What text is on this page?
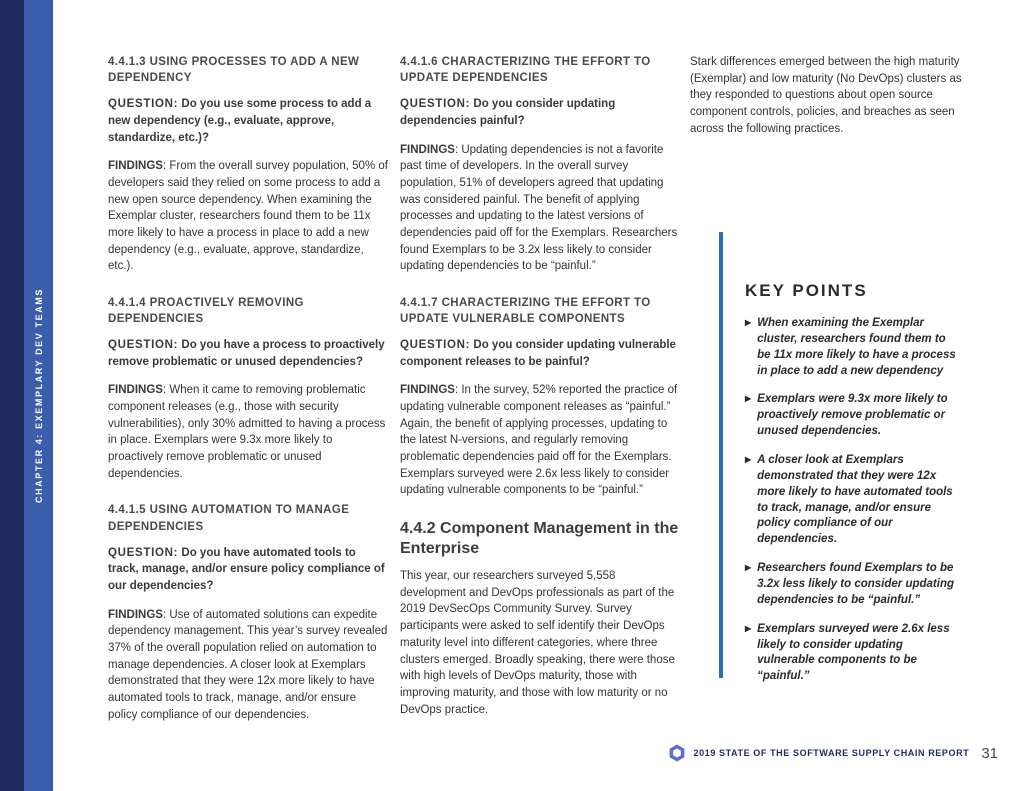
CHAPTER 4: EXEMPLARY DEV TEAMS
4.4.1.3 USING PROCESSES TO ADD A NEW DEPENDENCY

QUESTION: Do you use some process to add a new dependency (e.g., evaluate, approve, standardize, etc.)?

FINDINGS: From the overall survey population, 50% of developers said they relied on some process to add a new open source dependency. When examining the Exemplar cluster, researchers found them to be 11x more likely to have a process in place to add a new dependency (e.g., evaluate, approve, standardize, etc.).

4.4.1.4 PROACTIVELY REMOVING DEPENDENCIES

QUESTION: Do you have a process to proactively remove problematic or unused dependencies?

FINDINGS: When it came to removing problematic component releases (e.g., those with security vulnerabilities), only 30% admitted to having a process in place. Exemplars were 9.3x more likely to proactively remove problematic or unused dependencies.

4.4.1.5 USING AUTOMATION TO MANAGE DEPENDENCIES

QUESTION: Do you have automated tools to track, manage, and/or ensure policy compliance of our dependencies?

FINDINGS: Use of automated solutions can expedite dependency management. This year’s survey revealed 37% of the overall population relied on automation to manage dependencies. A closer look at Exemplars demonstrated that they were 12x more likely to have automated tools to track, manage, and/or ensure policy compliance of our dependencies.

4.4.1.6 CHARACTERIZING THE EFFORT TO UPDATE DEPENDENCIES

QUESTION: Do you consider updating dependencies painful?

FINDINGS: Updating dependencies is not a favorite past time of developers. In the overall survey population, 51% of developers agreed that updating was considered painful. The benefit of applying processes and updating to the latest versions of dependencies paid off for the Exemplars. Researchers found Exemplars to be 3.2x less likely to consider updating dependencies to be “painful.”

4.4.1.7 CHARACTERIZING THE EFFORT TO UPDATE VULNERABLE COMPONENTS

QUESTION: Do you consider updating vulnerable component releases to be painful?

FINDINGS: In the survey, 52% reported the practice of updating vulnerable component releases as “painful.” Again, the benefit of applying processes, updating to the latest N-versions, and regularly removing problematic dependencies paid off for the Exemplars. Exemplars surveyed were 2.6x less likely to consider updating vulnerable components to be “painful.”

4.4.2 Component Management in the Enterprise

This year, our researchers surveyed 5,558 development and DevOps professionals as part of the 2019 DevSecOps Community Survey. Survey participants were asked to self identify their DevOps maturity level into different categories, where three clusters emerged. Broadly speaking, there were those with high levels of DevOps maturity, those with improving maturity, and those with low maturity or no DevOps practice.

Stark differences emerged between the high maturity (Exemplar) and low maturity (No DevOps) clusters as they responded to questions about open source component controls, policies, and breaches as seen across the following practices.

KEY POINTS
▶ When examining the Exemplar cluster, researchers found them to be 11x more likely to have a process in place to add a new dependency
▶ Exemplars were 9.3x more likely to proactively remove problematic or unused dependencies.
▶ A closer look at Exemplars demonstrated that they were 12x more likely to have automated tools to track, manage, and/or ensure policy compliance of our dependencies.
▶ Researchers found Exemplars to be 3.2x less likely to consider updating dependencies to be “painful.”
▶ Exemplars surveyed were 2.6x less likely to consider updating vulnerable components to be “painful.”
2019 STATE OF THE SOFTWARE SUPPLY CHAIN REPORT 31
